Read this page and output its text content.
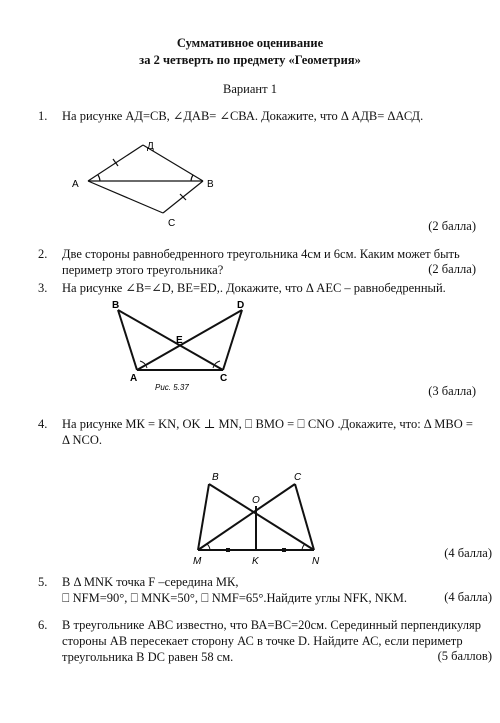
Суммативное оценивание
за 2 четверть по предмету «Геометрия»
Вариант 1
1. На рисунке АД=СВ, ∠ДАВ= ∠СВА. Докажите, что Δ АДВ= ΔАСД.
Д
А	В
С	(2 балла)
2. Две стороны равнобедренного треугольника 4см и 6см. Каким может быть
периметр этого треугольника?	(2 балла)
3. На рисунке ∠В=∠D, ВЕ=ЕD,. Докажите, что Δ АЕС – равнобедренный.
B	D
E
A	C
Рис. 5.37	(3 балла)
4. На рисунке МК = KN, OK ⊥ MN, ⎕ ВМО = ⎕ CNO .Докажите, что: Δ МВО =
Δ NCO.
B	C
O
M	K	N
(4 балла)
5. В Δ MNK точка F –середина МК,
⎕ NFM=90°, ⎕ MNK=50°, ⎕ NMF=65°.Найдите углы NFK, NKM.	(4 балла)
6. В треугольнике АВС известно, что ВА=ВС=20см. Серединный перпендикуляр
стороны АВ пересекает сторону АС в точке D. Найдите АС, если периметр
треугольника В DС равен 58 см.	(5 баллов)
